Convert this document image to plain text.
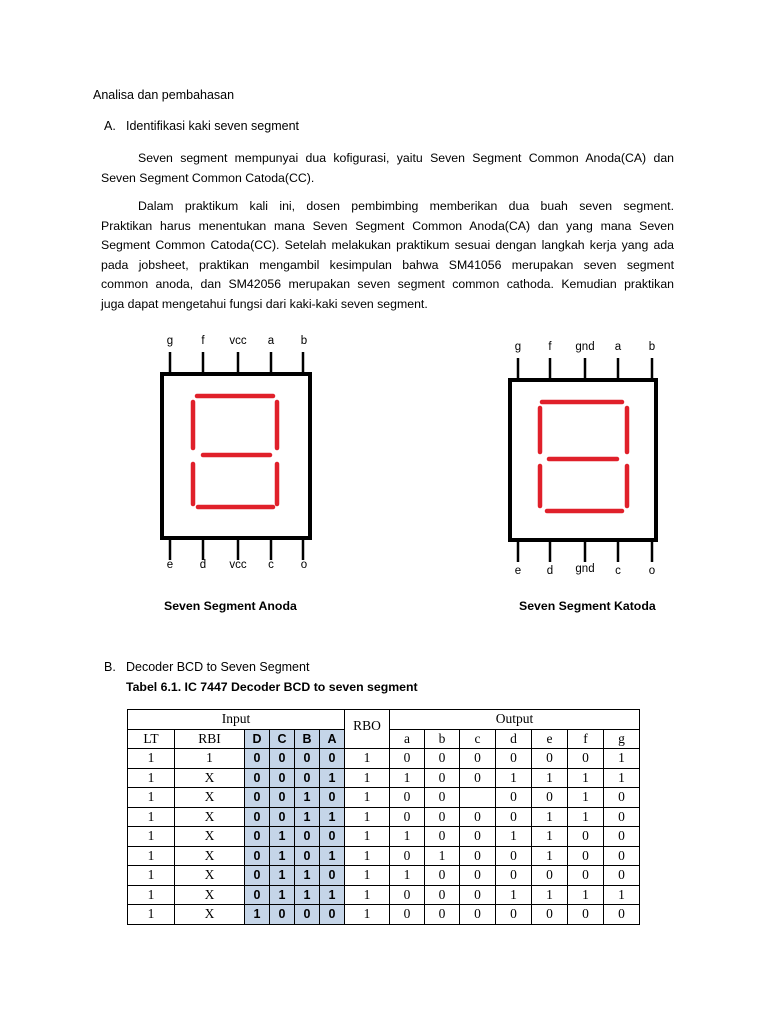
Analisa dan pembahasan
A. Identifikasi kaki seven segment
Seven segment mempunyai dua kofigurasi, yaitu Seven Segment Common Anoda(CA) dan
Seven Segment Common Catoda(CC).
Dalam praktikum kali ini, dosen pembimbing memberikan dua buah seven segment.
Praktikan harus menentukan mana Seven Segment Common Anoda(CA) dan yang mana Seven
Segment Common Catoda(CC). Setelah melakukan praktikum sesuai dengan langkah kerja yang ada
pada jobsheet, praktikan mengambil kesimpulan bahwa SM41056 merupakan seven segment
common anoda, dan SM42056 merupakan seven segment common cathoda. Kemudian praktikan
juga dapat mengetahui fungsi dari kaki-kaki seven segment.
g	f	vcc	a	b
e	d	vcc	c	o
g	f	gnd	a	b
e	d	gnd	c	o
Seven Segment Anoda	Seven Segment Katoda
B. Decoder BCD to Seven Segment
Tabel 6.1. IC 7447 Decoder BCD to seven segment
Input						RBO	Output						
LT	RBI	D	C	B	A		a	b	c	d	e	f	g
1	1	0	0	0	0	1	0	0	0	0	0	0	1
1	X	0	0	0	1	1	1	0	0	1	1	1	1
1	X	0	0	1	0	1	0	0		0	0	1	0
1	X	0	0	1	1	1	0	0	0	0	1	1	0
1	X	0	1	0	0	1	1	0	0	1	1	0	0
1	X	0	1	0	1	1	0	1	0	0	1	0	0
1	X	0	1	1	0	1	1	0	0	0	0	0	0
1	X	0	1	1	1	1	0	0	0	1	1	1	1
1	X	1	0	0	0	1	0	0	0	0	0	0	0
